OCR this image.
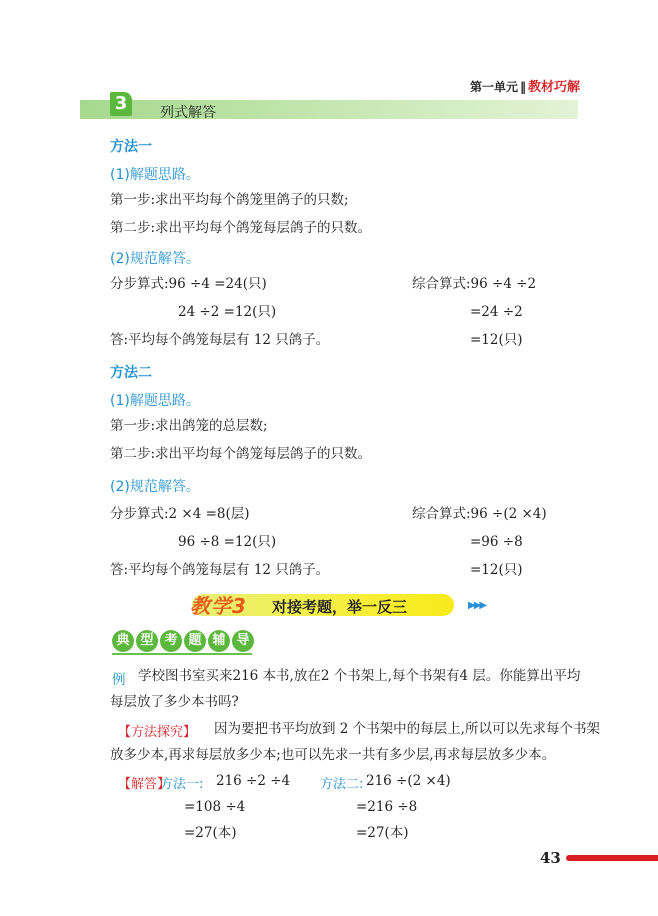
第一单元 ‖ 教材巧解
3	列式解答
方法一
(1)解题思路。
第一步:求出平均每个鸽笼里鸽子的只数;
第二步:求出平均每个鸽笼每层鸽子的只数。
(2)规范解答。
分步算式:96 ÷4 =24(只)
24 ÷2 =12(只)
综合算式:96 ÷4 ÷2
=24 ÷2
=12(只)
答:平均每个鸽笼每层有 12 只鸽子。
方法二
(1)解题思路。
第一步:求出鸽笼的总层数;
第二步:求出平均每个鸽笼每层鸽子的只数。
(2)规范解答。
分步算式:2 ×4 =8(层)
96 ÷8 =12(只)
综合算式:96 ÷(2 ×4)
=96 ÷8
=12(只)
答:平均每个鸽笼每层有 12 只鸽子。
教学3 对接考题，举一反三	▶▶▶
典 型 考 题 辅 导
例 学校图书室买来216 本书,放在2 个书架上,每个书架有4 层。你能算出平均
每层放了多少本书吗?
【方法探究】 因为要把书平均放到 2 个书架中的每层上,所以可以先求每个书架
放多少本,再求每层放多少本;也可以先求一共有多少层,再求每层放多少本。
【解答】
方法一: 216 ÷2 ÷4
=108 ÷4
=27(本)
方法二: 216 ÷(2 ×4)
=216 ÷8
=27(本)
43
